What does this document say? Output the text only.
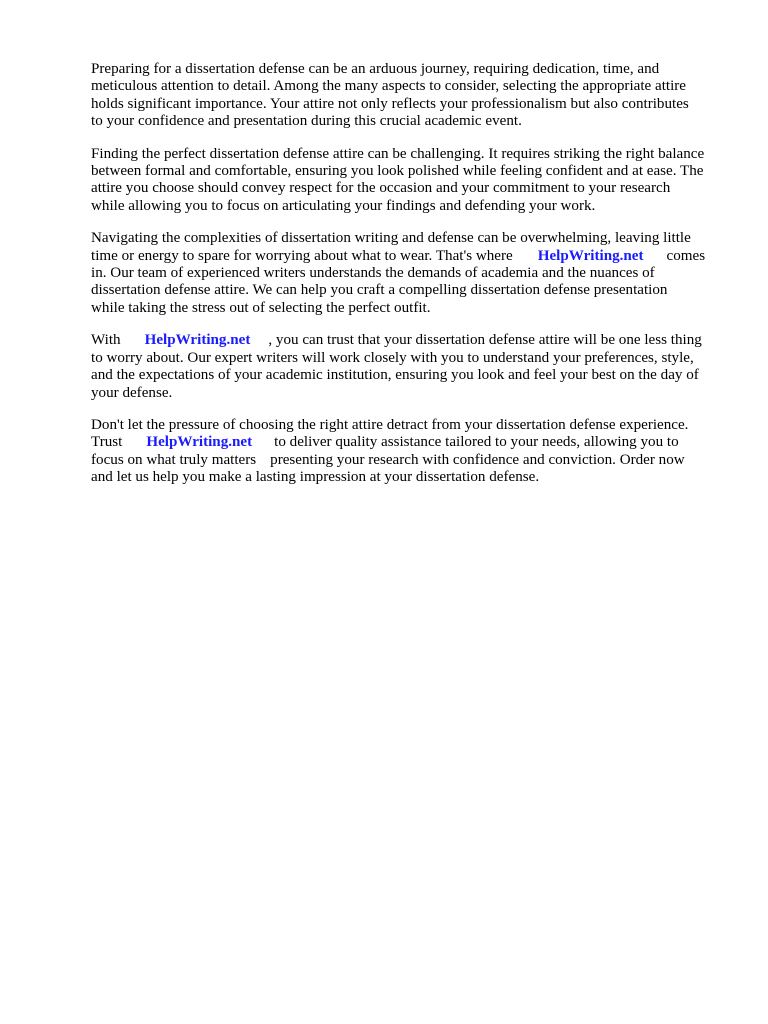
Preparing for a dissertation defense can be an arduous journey, requiring dedication, time, and
meticulous attention to detail. Among the many aspects to consider, selecting the appropriate attire
holds significant importance. Your attire not only reflects your professionalism but also contributes
to your confidence and presentation during this crucial academic event.

Finding the perfect dissertation defense attire can be challenging. It requires striking the right balance
between formal and comfortable, ensuring you look polished while feeling confident and at ease. The
attire you choose should convey respect for the occasion and your commitment to your research
while allowing you to focus on articulating your findings and defending your work.

Navigating the complexities of dissertation writing and defense can be overwhelming, leaving little
time or energy to spare for worrying about what to wear. That's where HelpWriting.net comes
in. Our team of experienced writers understands the demands of academia and the nuances of
dissertation defense attire. We can help you craft a compelling dissertation defense presentation
while taking the stress out of selecting the perfect outfit.

With HelpWriting.net , you can trust that your dissertation defense attire will be one less thing
to worry about. Our expert writers will work closely with you to understand your preferences, style,
and the expectations of your academic institution, ensuring you look and feel your best on the day of
your defense.

Don't let the pressure of choosing the right attire detract from your dissertation defense experience.
Trust HelpWriting.net to deliver quality assistance tailored to your needs, allowing you to
focus on what truly matters presenting your research with confidence and conviction. Order now
and let us help you make a lasting impression at your dissertation defense.
